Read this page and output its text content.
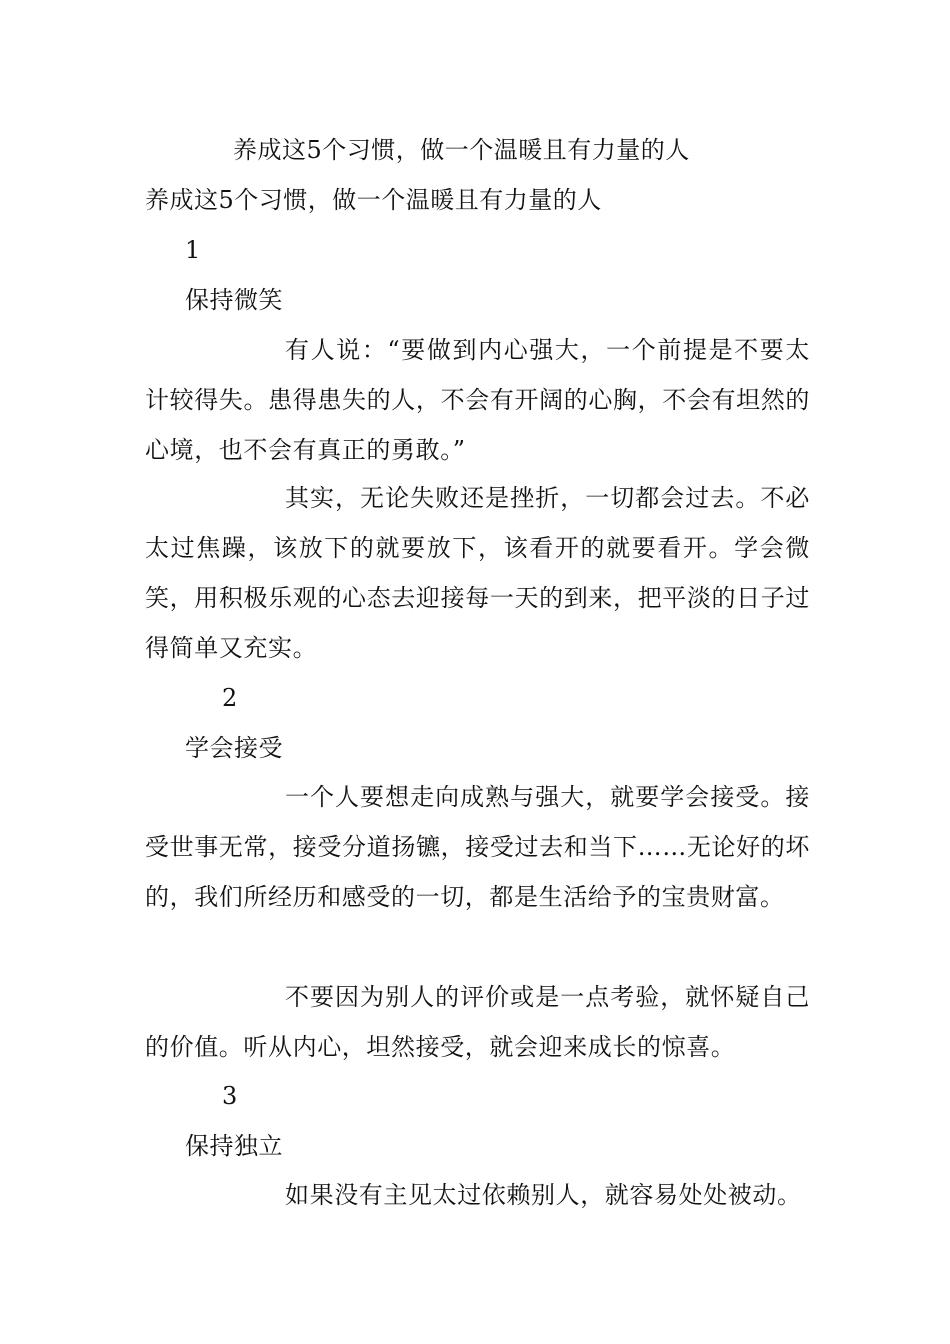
养成这5个习惯，做一个温暖且有力量的人
养成这5个习惯，做一个温暖且有力量的人
1
保持微笑
有人说：“要做到内心强大，一个前提是不要太计较得失。患得患失的人，不会有开阔的心胸，不会有坦然的心境，也不会有真正的勇敢。”
其实，无论失败还是挫折，一切都会过去。不必太过焦躁，该放下的就要放下，该看开的就要看开。学会微笑，用积极乐观的心态去迎接每一天的到来，把平淡的日子过得简单又充实。
2
学会接受
一个人要想走向成熟与强大，就要学会接受。接受世事无常，接受分道扬镳，接受过去和当下……无论好的坏的，我们所经历和感受的一切，都是生活给予的宝贵财富。
不要因为别人的评价或是一点考验，就怀疑自己的价值。听从内心，坦然接受，就会迎来成长的惊喜。
3
保持独立
如果没有主见太过依赖别人，就容易处处被动。
